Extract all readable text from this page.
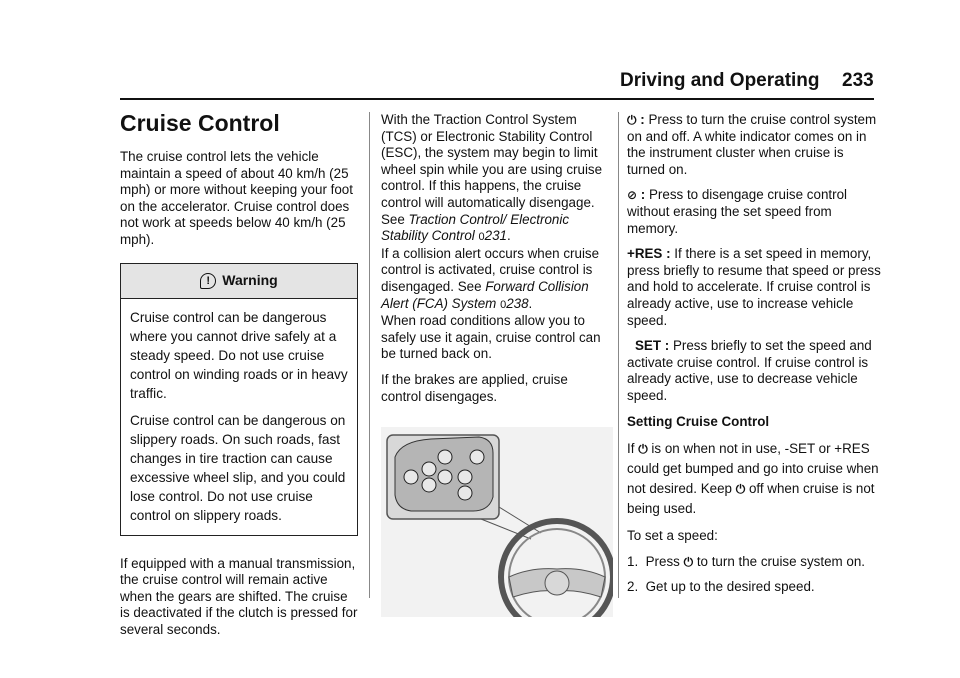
Driving and Operating 233
Cruise Control

The cruise control lets the vehicle maintain a speed of about 40 km/h (25 mph) or more without keeping your foot on the accelerator. Cruise control does not work at speeds below 40 km/h (25 mph).

! Warning

Cruise control can be dangerous where you cannot drive safely at a steady speed. Do not use cruise control on winding roads or in heavy traffic.

Cruise control can be dangerous on slippery roads. On such roads, fast changes in tire traction can cause excessive wheel slip, and you could lose control. Do not use cruise control on slippery roads.

If equipped with a manual transmission, the cruise control will remain active when the gears are shifted. The cruise is deactivated if the clutch is pressed for several seconds.

With the Traction Control System (TCS) or Electronic Stability Control (ESC), the system may begin to limit wheel spin while you are using cruise control. If this happens, the cruise control will automatically disengage. See Traction Control/ Electronic Stability Control 0231.

If a collision alert occurs when cruise control is activated, cruise control is disengaged. See Forward Collision Alert (FCA) System 0238.

When road conditions allow you to safely use it again, cruise control can be turned back on.

If the brakes are applied, cruise control disengages.

⏻ : Press to turn the cruise control system on and off. A white indicator comes on in the instrument cluster when cruise is turned on.

⊘ : Press to disengage cruise control without erasing the set speed from memory.

+RES : If there is a set speed in memory, press briefly to resume that speed or press and hold to accelerate. If cruise control is already active, use to increase vehicle speed.

SET : Press briefly to set the speed and activate cruise control. If cruise control is already active, use to decrease vehicle speed.

Setting Cruise Control

If ⏻ is on when not in use, -SET or +RES could get bumped and go into cruise when not desired. Keep ⏻ off when cruise is not being used.

To set a speed:

1. Press ⏻ to turn the cruise system on.

2. Get up to the desired speed.
